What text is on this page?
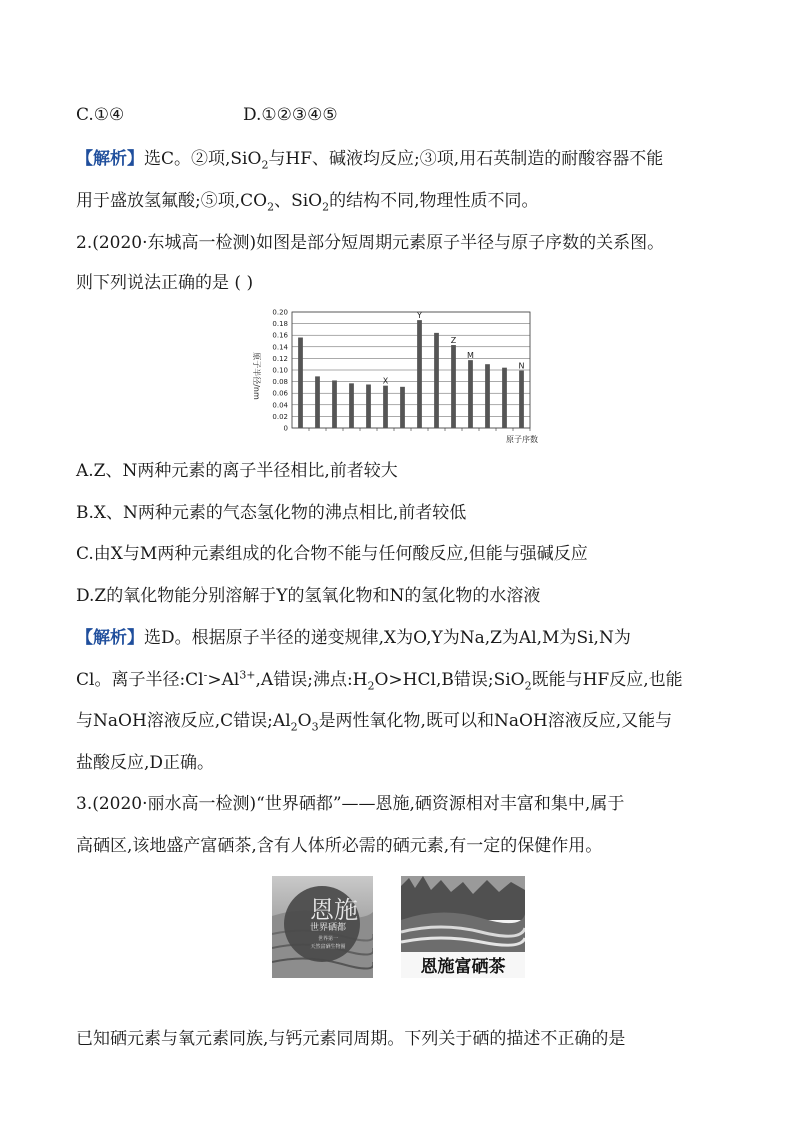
C.①④	D.①②③④⑤
【解析】选C。②项,SiO$_2$与HF、碱液均反应;③项,用石英制造的耐酸容器不能
用于盛放氢氟酸;⑤项$,CO_2$、SiO$_2$的结构不同,物理性质不同。
2.(2020·东城高一检测)如图是部分短周期元素原子半径与原子序数的关系图。
则下列说法正确的是 ( )
0
0.02
0.04
0.06
0.08
0.10
0.12
0.14
0.16
0.18
0.20
X
Y
Z
M
N
原子半径/nm
原子序数
A.Z、N两种元素的离子半径相比,前者较大
B.X、N两种元素的气态氢化物的沸点相比,前者较低
C.由X与M两种元素组成的化合物不能与任何酸反应,但能与强碱反应
D.Z的氧化物能分别溶解于Y的氢氧化物和N的氢化物的水溶液
【解析】选D。根据原子半径的递变规律,X为O,Y为Na,Z为Al,M为Si,N为
Cl。离子半径$:Cl^->Al^{3+},A$错误;沸点$:H_2O>HCl,B$错误;SiO$_2$既能与HF反应,也能
与NaOH溶液反应,C错误$;Al_2O_3$是两性氧化物,既可以和NaOH溶液反应,又能与
盐酸反应,D正确。
3.(2020·丽水高一检测)“世界硒都”——恩施,硒资源相对丰富和集中,属于
高硒区,该地盛产富硒茶,含有人体所必需的硒元素,有一定的保健作用。
恩施
世界硒都
世界第一
天然富硒生物圈
恩施富硒茶
已知硒元素与氧元素同族,与钙元素同周期。下列关于硒的描述不正确的是
